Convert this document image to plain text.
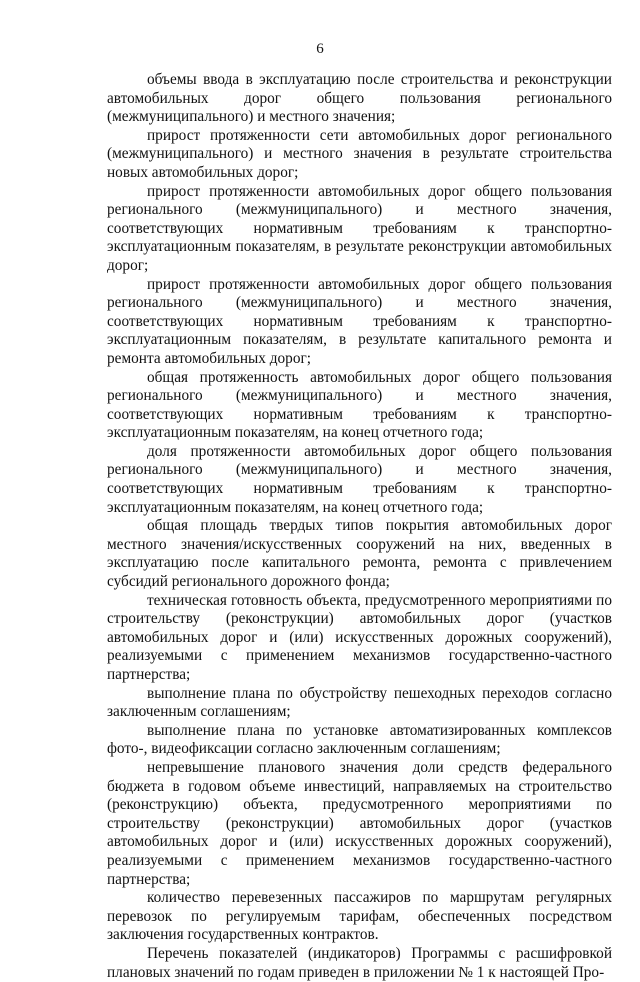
6

объемы ввода в эксплуатацию после строительства и реконструкции автомобильных дорог общего пользования регионального (межмуниципального) и местного значения;

прирост протяженности сети автомобильных дорог регионального (межмуниципального) и местного значения в результате строительства новых автомобильных дорог;

прирост протяженности автомобильных дорог общего пользования регионального (межмуниципального) и местного значения, соответствующих нормативным требованиям к транспортно-эксплуатационным показателям, в результате реконструкции автомобильных дорог;

прирост протяженности автомобильных дорог общего пользования регионального (межмуниципального) и местного значения, соответствующих нормативным требованиям к транспортно-эксплуатационным показателям, в результате капитального ремонта и ремонта автомобильных дорог;

общая протяженность автомобильных дорог общего пользования регионального (межмуниципального) и местного значения, соответствующих нормативным требованиям к транспортно-эксплуатационным показателям, на конец отчетного года;

доля протяженности автомобильных дорог общего пользования регионального (межмуниципального) и местного значения, соответствующих нормативным требованиям к транспортно-эксплуатационным показателям, на конец отчетного года;

общая площадь твердых типов покрытия автомобильных дорог местного значения/искусственных сооружений на них, введенных в эксплуатацию после капитального ремонта, ремонта с привлечением субсидий регионального дорожного фонда;

техническая готовность объекта, предусмотренного мероприятиями по строительству (реконструкции) автомобильных дорог (участков автомобильных дорог и (или) искусственных дорожных сооружений), реализуемыми с применением механизмов государственно-частного партнерства;

выполнение плана по обустройству пешеходных переходов согласно заключенным соглашениям;

выполнение плана по установке автоматизированных комплексов фото-, видеофиксации согласно заключенным соглашениям;

непревышение планового значения доли средств федерального бюджета в годовом объеме инвестиций, направляемых на строительство (реконструкцию) объекта, предусмотренного мероприятиями по строительству (реконструкции) автомобильных дорог (участков автомобильных дорог и (или) искусственных дорожных сооружений), реализуемыми с применением механизмов государственно-частного партнерства;

количество перевезенных пассажиров по маршрутам регулярных перевозок по регулируемым тарифам, обеспеченных посредством заключения государственных контрактов.

Перечень показателей (индикаторов) Программы с расшифровкой плановых значений по годам приведен в приложении № 1 к настоящей Про-
